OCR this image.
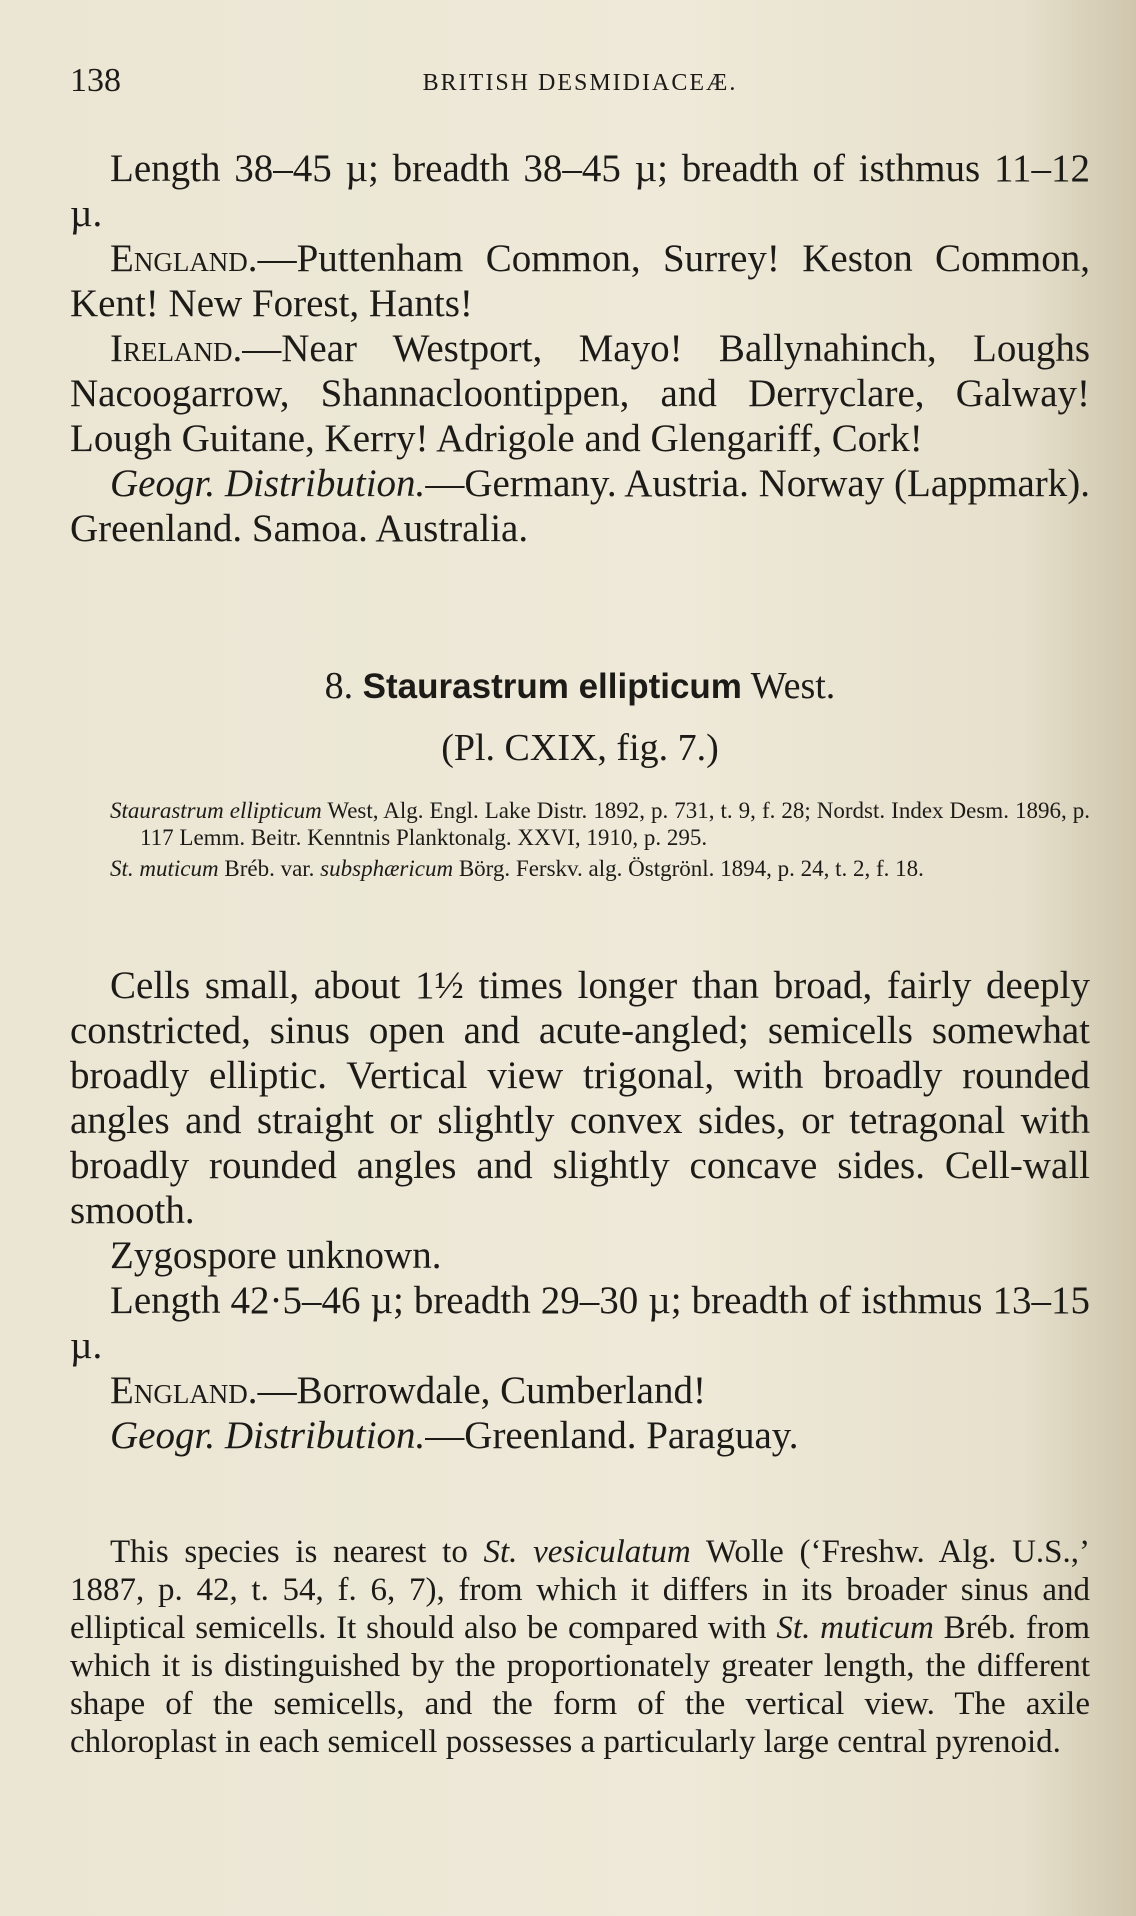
138	BRITISH DESMIDIACEÆ.

Length 38–45 µ; breadth 38–45 µ; breadth of isthmus 11–12 µ.

England.—Puttenham Common, Surrey! Keston Common, Kent! New Forest, Hants!

Ireland.—Near Westport, Mayo! Ballynahinch, Loughs Nacoogarrow, Shannacloontippen, and Derryclare, Galway! Lough Guitane, Kerry! Adrigole and Glengariff, Cork!

Geogr. Distribution.—Germany. Austria. Norway (Lappmark). Greenland. Samoa. Australia.

8. Staurastrum ellipticum West.
(Pl. CXIX, fig. 7.)

Staurastrum ellipticum West, Alg. Engl. Lake Distr. 1892, p. 731, t. 9, f. 28; Nordst. Index Desm. 1896, p. 117 Lemm. Beitr. Kenntnis Planktonalg. XXVI, 1910, p. 295.

St. muticum Bréb. var. subsphæricum Börg. Ferskv. alg. Östgrönl. 1894, p. 24, t. 2, f. 18.

Cells small, about 1½ times longer than broad, fairly deeply constricted, sinus open and acute-angled; semicells somewhat broadly elliptic. Vertical view trigonal, with broadly rounded angles and straight or slightly convex sides, or tetragonal with broadly rounded angles and slightly concave sides. Cell-wall smooth.

Zygospore unknown.

Length 42·5–46 µ; breadth 29–30 µ; breadth of isthmus 13–15 µ.

England.—Borrowdale, Cumberland!

Geogr. Distribution.—Greenland. Paraguay.

This species is nearest to St. vesiculatum Wolle (‘Freshw. Alg. U.S.,’ 1887, p. 42, t. 54, f. 6, 7), from which it differs in its broader sinus and elliptical semicells. It should also be compared with St. muticum Bréb. from which it is distinguished by the proportionately greater length, the different shape of the semicells, and the form of the vertical view. The axile chloroplast in each semicell possesses a particularly large central pyrenoid.
